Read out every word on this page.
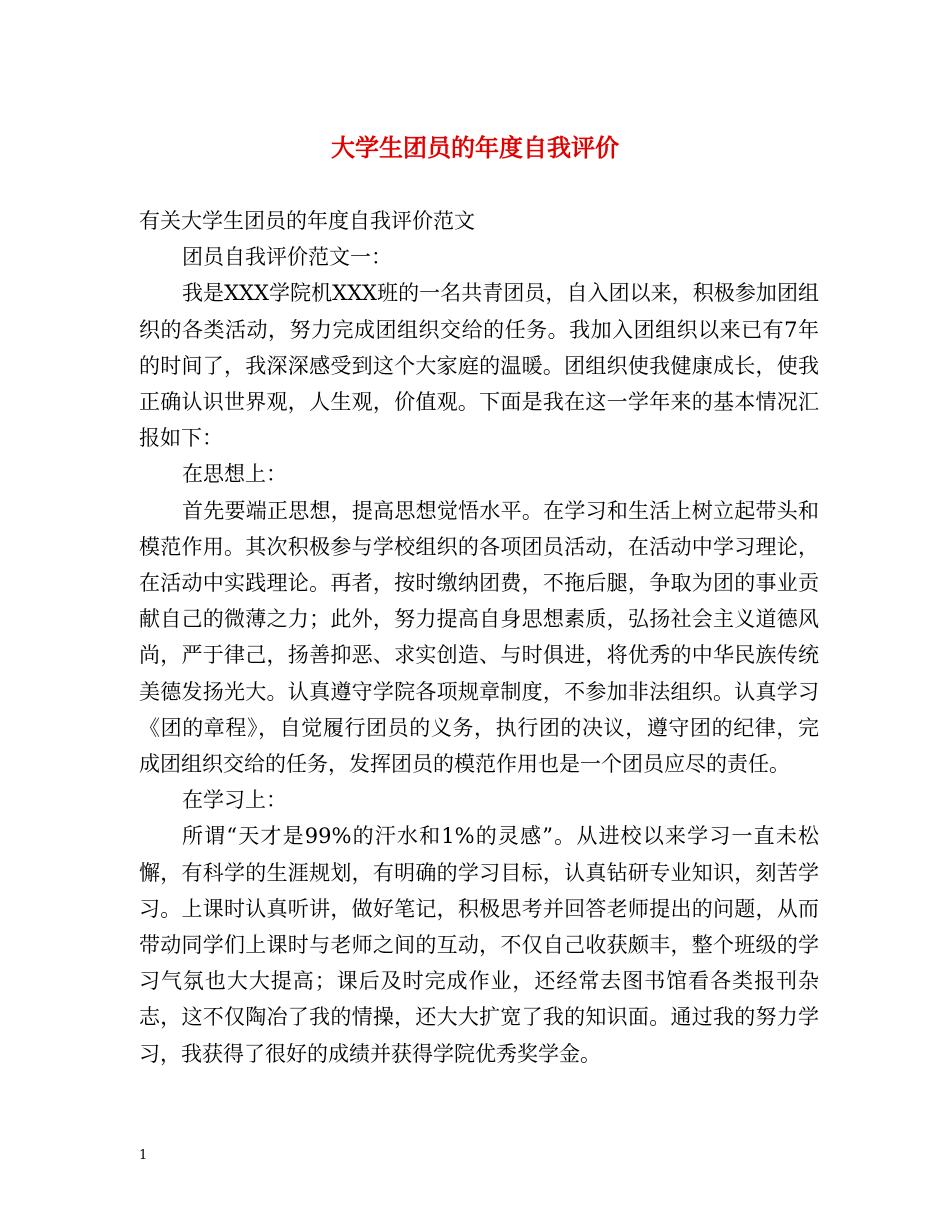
大学生团员的年度自我评价

有关大学生团员的年度自我评价范文

团员自我评价范文一：

我是XXX学院机XXX班的一名共青团员，自入团以来，积极参加团组织的各类活动，努力完成团组织交给的任务。我加入团组织以来已有7年的时间了，我深深感受到这个大家庭的温暖。团组织使我健康成长，使我正确认识世界观，人生观，价值观。下面是我在这一学年来的基本情况汇报如下：

在思想上：

首先要端正思想，提高思想觉悟水平。在学习和生活上树立起带头和模范作用。其次积极参与学校组织的各项团员活动，在活动中学习理论，在活动中实践理论。再者，按时缴纳团费，不拖后腿，争取为团的事业贡献自己的微薄之力；此外，努力提高自身思想素质，弘扬社会主义道德风尚，严于律己，扬善抑恶、求实创造、与时俱进，将优秀的中华民族传统美德发扬光大。认真遵守学院各项规章制度，不参加非法组织。认真学习《团的章程》，自觉履行团员的义务，执行团的决议，遵守团的纪律，完成团组织交给的任务，发挥团员的模范作用也是一个团员应尽的责任。

在学习上：

所谓“天才是99%的汗水和1%的灵感”。从进校以来学习一直未松懈，有科学的生涯规划，有明确的学习目标，认真钻研专业知识，刻苦学习。上课时认真听讲，做好笔记，积极思考并回答老师提出的问题，从而带动同学们上课时与老师之间的互动，不仅自己收获颇丰，整个班级的学习气氛也大大提高；课后及时完成作业，还经常去图书馆看各类报刊杂志，这不仅陶冶了我的情操，还大大扩宽了我的知识面。通过我的努力学习，我获得了很好的成绩并获得学院优秀奖学金。

1
